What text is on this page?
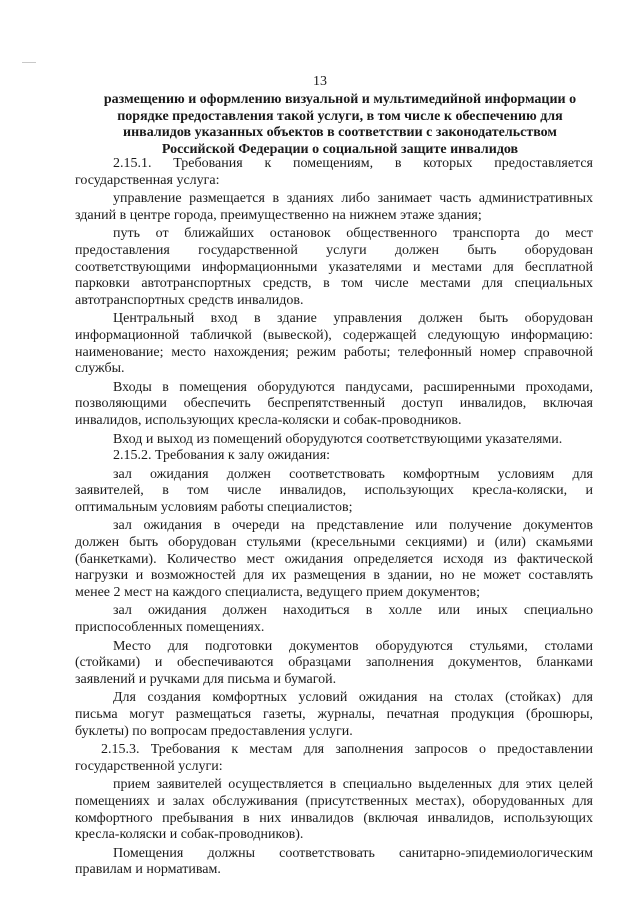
13
размещению и оформлению визуальной и мультимедийной информации о
порядке предоставления такой услуги, в том числе к обеспечению для
инвалидов указанных объектов в соответствии с законодательством
Российской Федерации о социальной защите инвалидов
2.15.1. Требования к помещениям, в которых предоставляется
государственная услуга:
управление размещается в зданиях либо занимает часть административных
зданий в центре города, преимущественно на нижнем этаже здания;
путь от ближайших остановок общественного транспорта до мест
предоставления государственной услуги должен быть оборудован
соответствующими информационными указателями и местами для бесплатной
парковки автотранспортных средств, в том числе местами для специальных
автотранспортных средств инвалидов.
Центральный вход в здание управления должен быть оборудован
информационной табличкой (вывеской), содержащей следующую информацию:
наименование; место нахождения; режим работы; телефонный номер справочной
службы.
Входы в помещения оборудуются пандусами, расширенными проходами,
позволяющими обеспечить беспрепятственный доступ инвалидов, включая
инвалидов, использующих кресла-коляски и собак-проводников.
Вход и выход из помещений оборудуются соответствующими указателями.
2.15.2. Требования к залу ожидания:
зал ожидания должен соответствовать комфортным условиям для
заявителей, в том числе инвалидов, использующих кресла-коляски, и
оптимальным условиям работы специалистов;
зал ожидания в очереди на представление или получение документов
должен быть оборудован стульями (кресельными секциями) и (или) скамьями
(банкетками). Количество мест ожидания определяется исходя из фактической
нагрузки и возможностей для их размещения в здании, но не может составлять
менее 2 мест на каждого специалиста, ведущего прием документов;
зал ожидания должен находиться в холле или иных специально
приспособленных помещениях.
Место для подготовки документов оборудуются стульями, столами
(стойками) и обеспечиваются образцами заполнения документов, бланками
заявлений и ручками для письма и бумагой.
Для создания комфортных условий ожидания на столах (стойках) для
письма могут размещаться газеты, журналы, печатная продукция (брошюры,
буклеты) по вопросам предоставления услуги.
2.15.3. Требования к местам для заполнения запросов о предоставлении
государственной услуги:
прием заявителей осуществляется в специально выделенных для этих целей
помещениях и залах обслуживания (присутственных местах), оборудованных для
комфортного пребывания в них инвалидов (включая инвалидов, использующих
кресла-коляски и собак-проводников).
Помещения должны соответствовать санитарно-эпидемиологическим
правилам и нормативам.
